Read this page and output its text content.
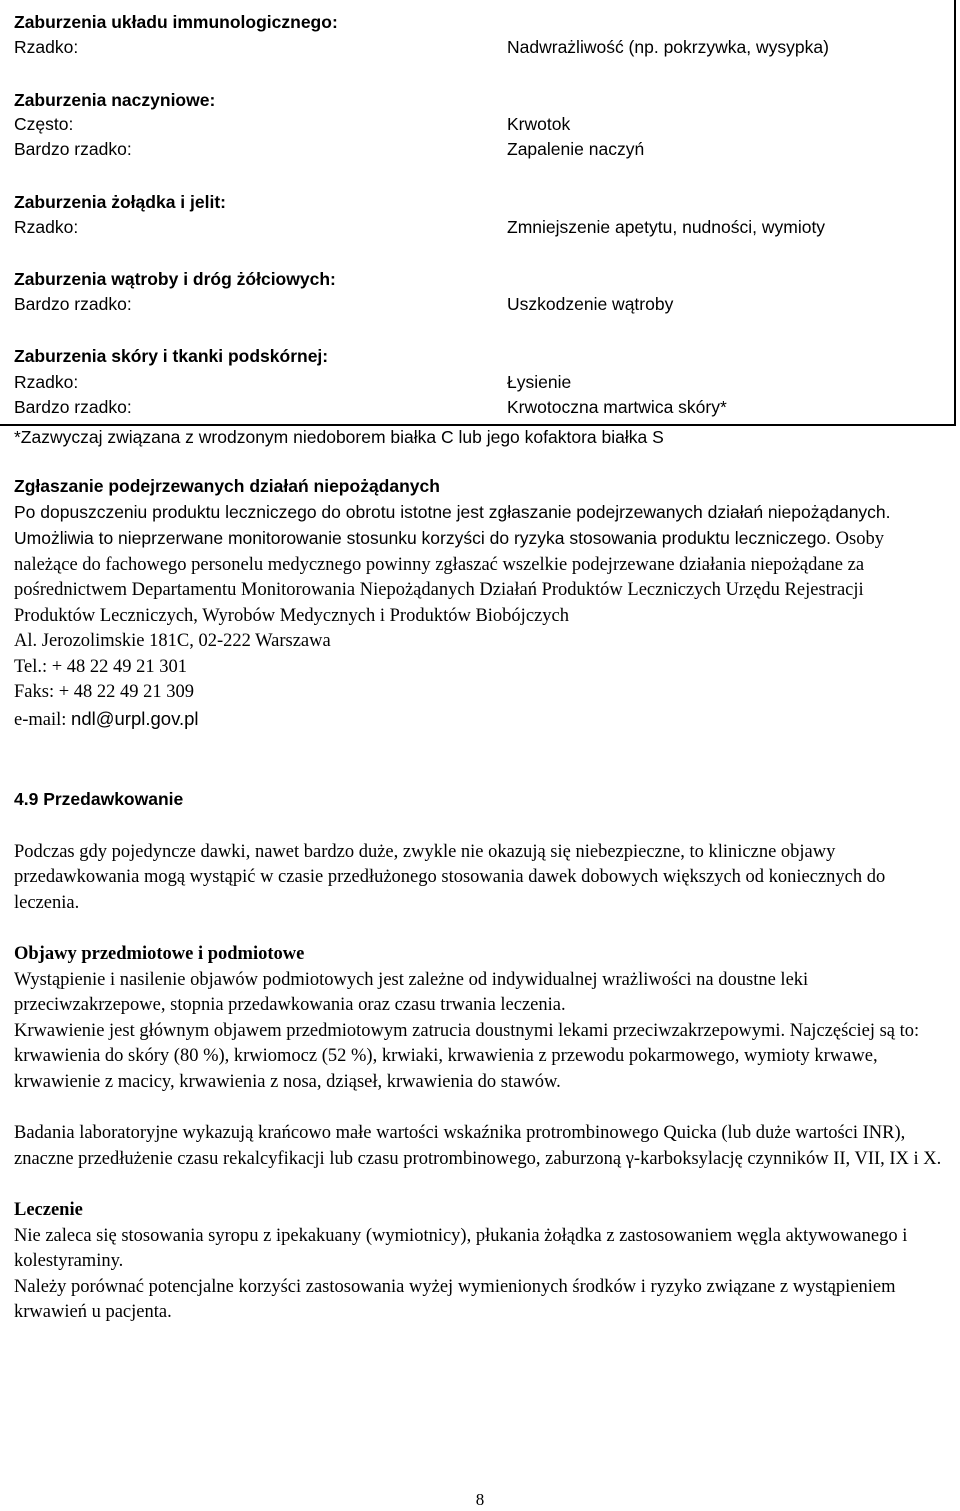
Zaburzenia układu immunologicznego:
Rzadko:	Nadwrażliwość (np. pokrzywka, wysypka)
Zaburzenia naczyniowe:
Często:	Krwotok
Bardzo rzadko:	Zapalenie naczyń
Zaburzenia żołądka i jelit:
Rzadko:	Zmniejszenie apetytu, nudności, wymioty
Zaburzenia wątroby i dróg żółciowych:
Bardzo rzadko:	Uszkodzenie wątroby
Zaburzenia skóry i tkanki podskórnej:
Rzadko:	Łysienie
Bardzo rzadko:	Krwotoczna martwica skóry*
*Zazwyczaj związana z wrodzonym niedoborem białka C lub jego kofaktora białka S

Zgłaszanie podejrzewanych działań niepożądanych

Po dopuszczeniu produktu leczniczego do obrotu istotne jest zgłaszanie podejrzewanych działań niepożądanych. Umożliwia to nieprzerwane monitorowanie stosunku korzyści do ryzyka stosowania produktu leczniczego. Osoby należące do fachowego personelu medycznego powinny zgłaszać wszelkie podejrzewane działania niepożądane za pośrednictwem Departamentu Monitorowania Niepożądanych Działań Produktów Leczniczych Urzędu Rejestracji Produktów Leczniczych, Wyrobów Medycznych i Produktów Biobójczych

Al. Jerozolimskie 181C, 02-222 Warszawa

Tel.: + 48 22 49 21 301

Faks: + 48 22 49 21 309

e-mail: ndl@urpl.gov.pl

4.9 Przedawkowanie

Podczas gdy pojedyncze dawki, nawet bardzo duże, zwykle nie okazują się niebezpieczne, to kliniczne objawy przedawkowania mogą wystąpić w czasie przedłużonego stosowania dawek dobowych większych od koniecznych do leczenia.

Objawy przedmiotowe i podmiotowe

Wystąpienie i nasilenie objawów podmiotowych jest zależne od indywidualnej wrażliwości na doustne leki przeciwzakrzepowe, stopnia przedawkowania oraz czasu trwania leczenia.

Krwawienie jest głównym objawem przedmiotowym zatrucia doustnymi lekami przeciwzakrzepowymi. Najczęściej są to: krwawienia do skóry (80 %), krwiomocz (52 %), krwiaki, krwawienia z przewodu pokarmowego, wymioty krwawe, krwawienie z macicy, krwawienia z nosa, dziąseł, krwawienia do stawów.

Badania laboratoryjne wykazują krańcowo małe wartości wskaźnika protrombinowego Quicka (lub duże wartości INR), znaczne przedłużenie czasu rekalcyfikacji lub czasu protrombinowego, zaburzoną γ-karboksylację czynników II, VII, IX i X.

Leczenie

Nie zaleca się stosowania syropu z ipekakuany (wymiotnicy), płukania żołądka z zastosowaniem węgla aktywowanego i kolestyraminy.

Należy porównać potencjalne korzyści zastosowania wyżej wymienionych środków i ryzyko związane z wystąpieniem krwawień u pacjenta.

8
